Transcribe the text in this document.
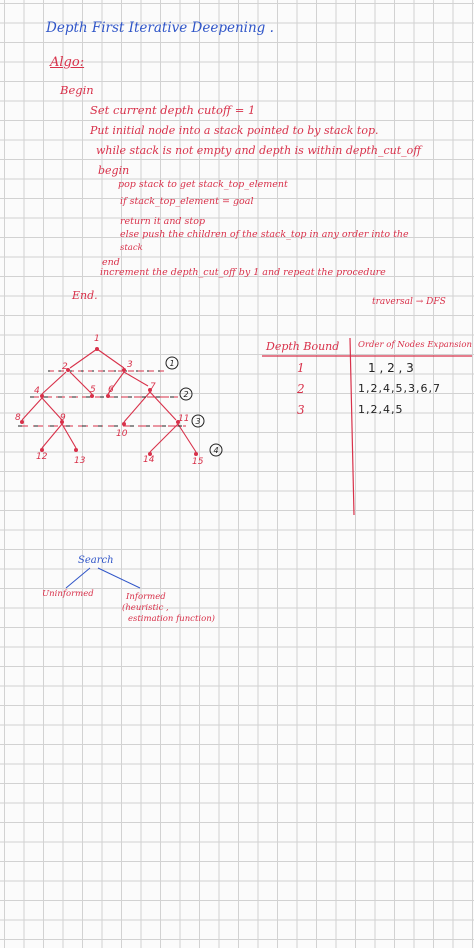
Depth First Iterative Deepening .
Algo:
Begin
Set current depth cutoff = 1
Put initial node into a stack pointed to by stack top.
while stack is not empty and depth is within depth_cut_off
begin
pop stack to get stack_top_element
if stack_top_element = goal
return it and stop
else push the children of the stack_top in any order into the
stack
end
increment the depth_cut_off by 1 and repeat the procedure
End.	traversal → DFS
1
2	3
4	5 6	7
8	9
10
11
12	13	14	15
1
2
3
4
Depth Bound Order of Nodes Expansion
1	1 , 2 , 3
2	1,2,4,5,3,6,7
3	1,2,4,5
Search
Uninformed	Informed
(heuristic ,
estimation function)
